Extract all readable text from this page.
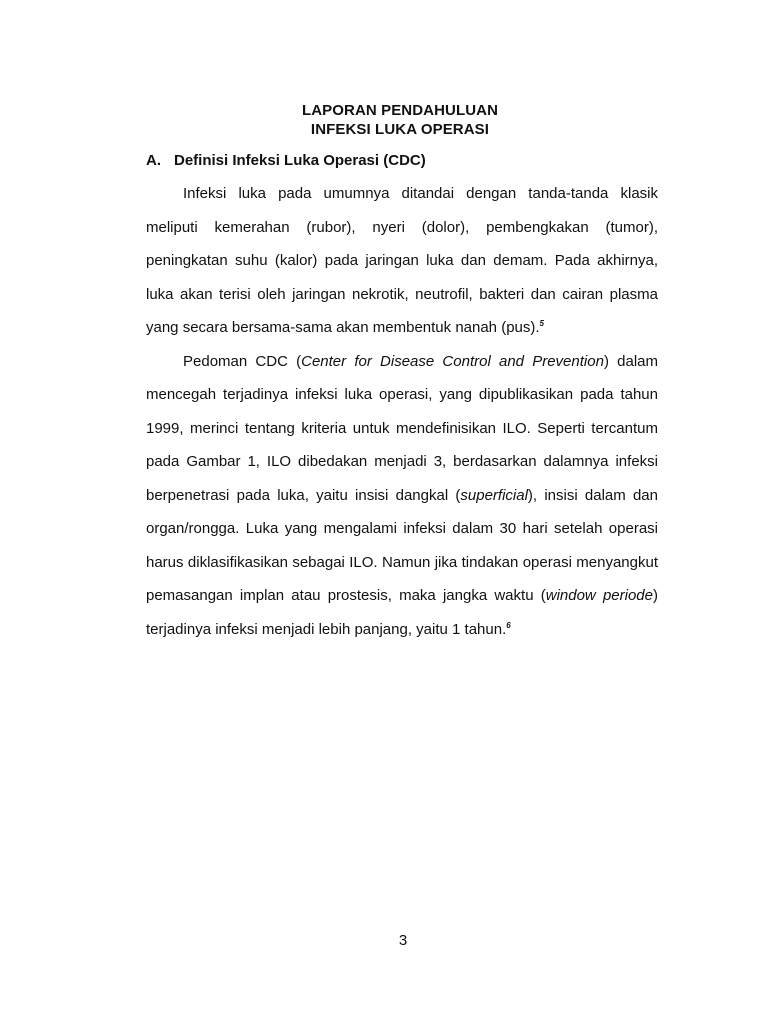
LAPORAN PENDAHULUAN
INFEKSI LUKA OPERASI
A. Definisi Infeksi Luka Operasi (CDC)

Infeksi luka pada umumnya ditandai dengan tanda-tanda klasik meliputi kemerahan (rubor), nyeri (dolor), pembengkakan (tumor), peningkatan suhu (kalor) pada jaringan luka dan demam. Pada akhirnya, luka akan terisi oleh jaringan nekrotik, neutrofil, bakteri dan cairan plasma yang secara bersama-sama akan membentuk nanah (pus).$^5$

Pedoman CDC (Center for Disease Control and Prevention) dalam mencegah terjadinya infeksi luka operasi, yang dipublikasikan pada tahun 1999, merinci tentang kriteria untuk mendefinisikan ILO. Seperti tercantum pada Gambar 1, ILO dibedakan menjadi 3, berdasarkan dalamnya infeksi berpenetrasi pada luka, yaitu insisi dangkal (superficial), insisi dalam dan organ/rongga. Luka yang mengalami infeksi dalam 30 hari setelah operasi harus diklasifikasikan sebagai ILO. Namun jika tindakan operasi menyangkut pemasangan implan atau prostesis, maka jangka waktu (window periode) terjadinya infeksi menjadi lebih panjang, yaitu 1 tahun.$^6$

3
